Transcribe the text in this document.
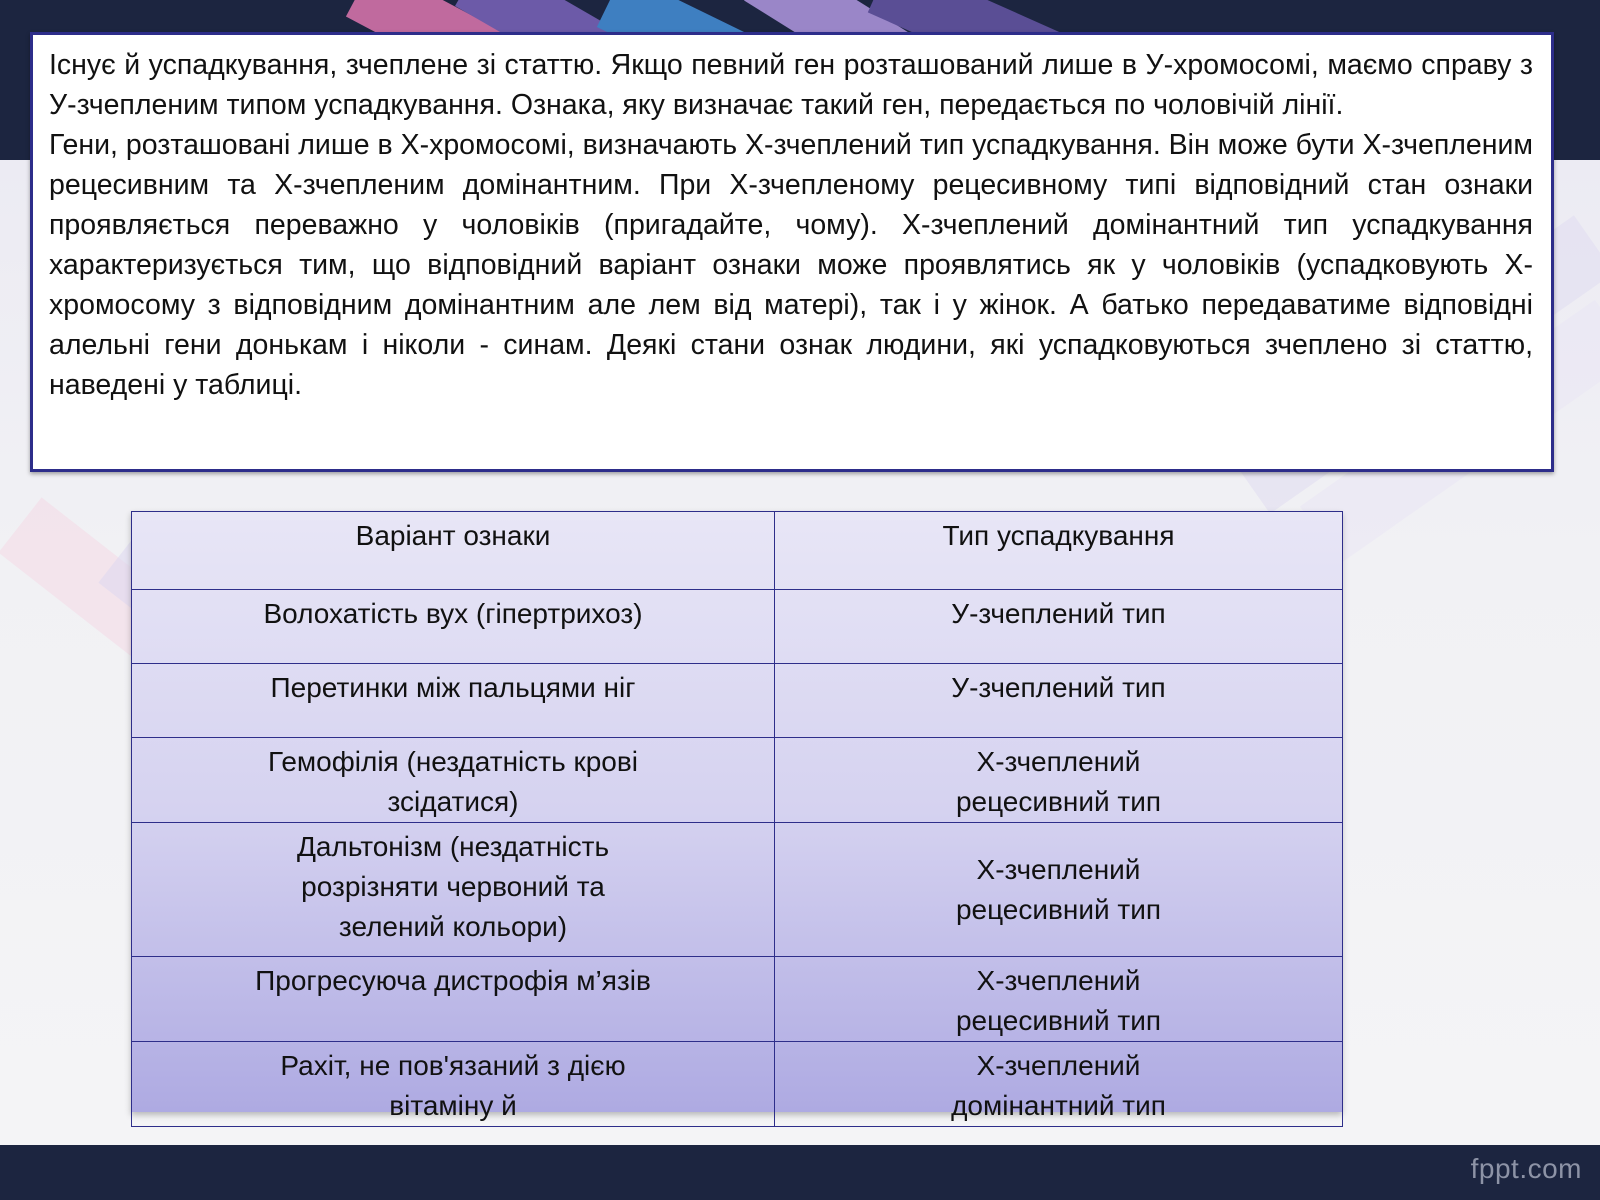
fppt.com

Існує й успадкування, зчеплене зі статтю. Якщо певний ген розташований лише в У-хромосомі, маємо справу з У-зчепленим типом успадкування. Ознака, яку визначає такий ген, передається по чоловічій лінії.

Гени, розташовані лише в Х-хромосомі, визначають Х-зчеплений тип успадкування. Він може бути Х-зчепленим рецесивним та Х-зчепленим домінантним. При Х-зчепленому рецесивному типі відповідний стан ознаки проявляється переважно у чоловіків (пригадайте, чому). Х-зчеплений домінантний тип успадкування характеризується тим, що відповідний варіант ознаки може проявлятись як у чоловіків (успадковують Х-хромосому з відповідним домінантним але лем від матері), так і у жінок. А батько передаватиме відповідні алельні гени донькам і ніколи - синам. Деякі стани ознак людини, які успадковуються зчеплено зі статтю, наведені у таблиці.

Варіант ознаки	Тип успадкування
Волохатість вух (гіпертрихоз)	У-зчеплений тип
Перетинки між пальцями ніг	У-зчеплений тип
Гемофілія (нездатність крові зсідатися)	Х-зчеплений рецесивний тип
Дальтонізм (нездатність розрізняти червоний та зелений кольори)	Х-зчеплений рецесивний тип
Прогресуюча дистрофія м’язів	Х-зчеплений рецесивний тип
Рахіт, не пов'язаний з дією вітаміну й	Х-зчеплений домінантний тип
